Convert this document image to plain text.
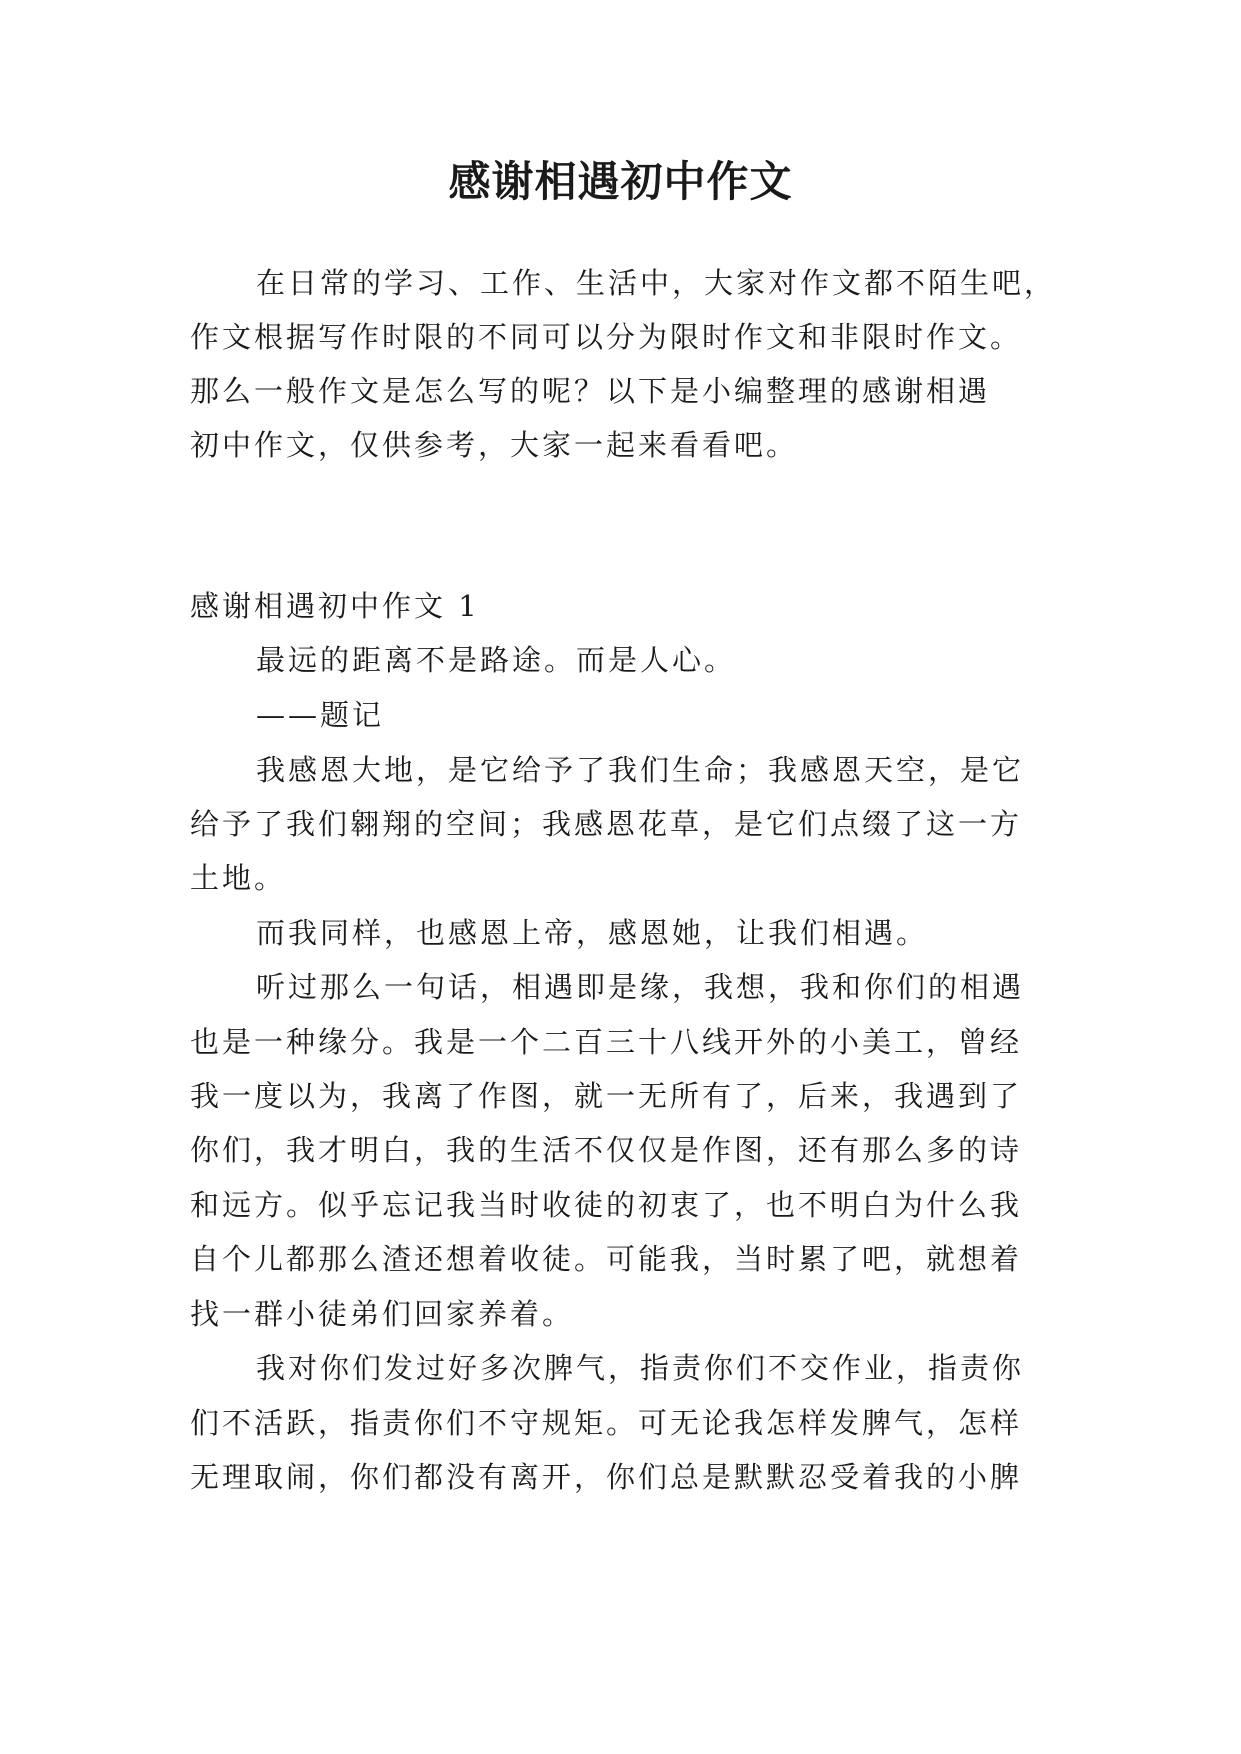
感谢相遇初中作文
在日常的学习、工作、生活中，大家对作文都不陌生吧，
作文根据写作时限的不同可以分为限时作文和非限时作文。
那么一般作文是怎么写的呢？以下是小编整理的感谢相遇
初中作文，仅供参考，大家一起来看看吧。
感谢相遇初中作文 1
最远的距离不是路途。而是人心。
——题记
我感恩大地，是它给予了我们生命；我感恩天空，是它
给予了我们翱翔的空间；我感恩花草，是它们点缀了这一方
土地。
而我同样，也感恩上帝，感恩她，让我们相遇。
听过那么一句话，相遇即是缘，我想，我和你们的相遇
也是一种缘分。我是一个二百三十八线开外的小美工，曾经
我一度以为，我离了作图，就一无所有了，后来，我遇到了
你们，我才明白，我的生活不仅仅是作图，还有那么多的诗
和远方。似乎忘记我当时收徒的初衷了，也不明白为什么我
自个儿都那么渣还想着收徒。可能我，当时累了吧，就想着
找一群小徒弟们回家养着。
我对你们发过好多次脾气，指责你们不交作业，指责你
们不活跃，指责你们不守规矩。可无论我怎样发脾气，怎样
无理取闹，你们都没有离开，你们总是默默忍受着我的小脾
